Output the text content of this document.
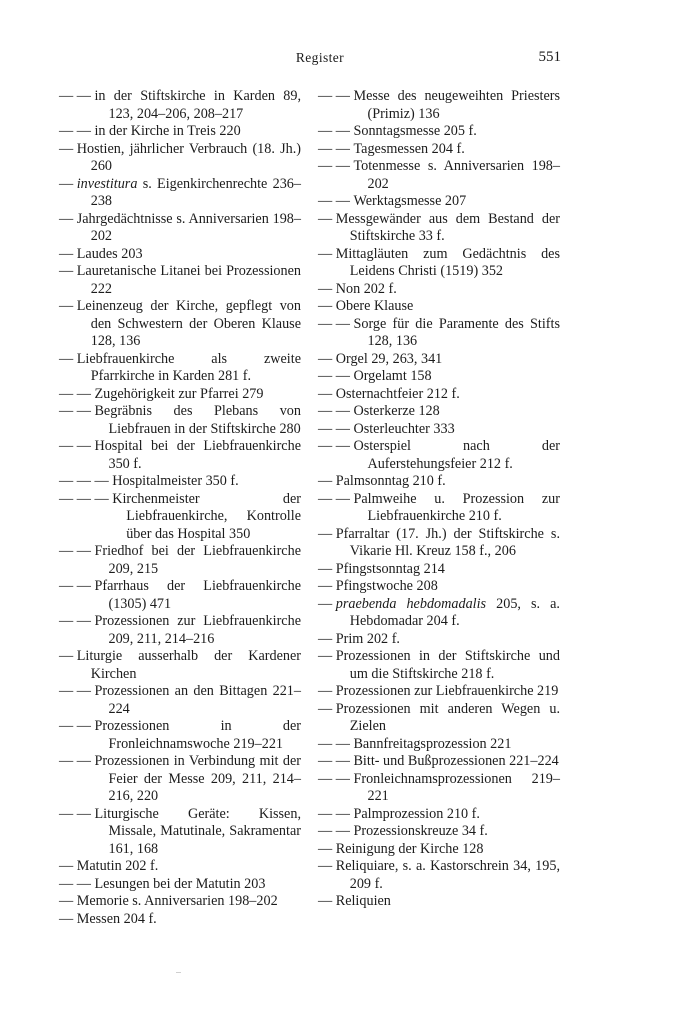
Register	551
— — in der Stiftskirche in Karden 89, 123, 204–206, 208–217
— — in der Kirche in Treis 220
— Hostien, jährlicher Verbrauch (18. Jh.) 260
— investitura s. Eigenkirchenrechte 236–238
— Jahrgedächtnisse s. Anniversarien 198–202
— Laudes 203
— Lauretanische Litanei bei Prozessionen 222
— Leinenzeug der Kirche, gepflegt von den Schwestern der Oberen Klause 128, 136
— Liebfrauenkirche als zweite Pfarrkirche in Karden 281 f.
— — Zugehörigkeit zur Pfarrei 279
— — Begräbnis des Plebans von Liebfrauen in der Stiftskirche 280
— — Hospital bei der Liebfrauenkirche 350 f.
— — — Hospitalmeister 350 f.
— — — Kirchenmeister der Liebfrauenkirche, Kontrolle über das Hospital 350
— — Friedhof bei der Liebfrauenkirche 209, 215
— — Pfarrhaus der Liebfrauenkirche (1305) 471
— — Prozessionen zur Liebfrauenkirche 209, 211, 214–216
— Liturgie ausserhalb der Kardener Kirchen
— — Prozessionen an den Bittagen 221–224
— — Prozessionen in der Fronleichnamswoche 219–221
— — Prozessionen in Verbindung mit der Feier der Messe 209, 211, 214–216, 220
— — Liturgische Geräte: Kissen, Missale, Matutinale, Sakramentar 161, 168
— Matutin 202 f.
— — Lesungen bei der Matutin 203
— Memorie s. Anniversarien 198–202
— Messen 204 f.
— — Messe des neugeweihten Priesters (Primiz) 136
— — Sonntagsmesse 205 f.
— — Tagesmessen 204 f.
— — Totenmesse s. Anniversarien 198–202
— — Werktagsmesse 207
— Messgewänder aus dem Bestand der Stiftskirche 33 f.
— Mittagläuten zum Gedächtnis des Leidens Christi (1519) 352
— Non 202 f.
— Obere Klause
— — Sorge für die Paramente des Stifts 128, 136
— Orgel 29, 263, 341
— — Orgelamt 158
— Osternachtfeier 212 f.
— — Osterkerze 128
— — Osterleuchter 333
— — Osterspiel nach der Auferstehungsfeier 212 f.
— Palmsonntag 210 f.
— — Palmweihe u. Prozession zur Liebfrauenkirche 210 f.
— Pfarraltar (17. Jh.) der Stiftskirche s. Vikarie Hl. Kreuz 158 f., 206
— Pfingstsonntag 214
— Pfingstwoche 208
— praebenda hebdomadalis 205, s. a. Hebdomadar 204 f.
— Prim 202 f.
— Prozessionen in der Stiftskirche und um die Stiftskirche 218 f.
— Prozessionen zur Liebfrauenkirche 219
— Prozessionen mit anderen Wegen u. Zielen
— — Bannfreitagsprozession 221
— — Bitt- und Bußprozessionen 221–224
— — Fronleichnamsprozessionen 219–221
— — Palmprozession 210 f.
— — Prozessionskreuze 34 f.
— Reinigung der Kirche 128
— Reliquiare, s. a. Kastorschrein 34, 195, 209 f.
— Reliquien
